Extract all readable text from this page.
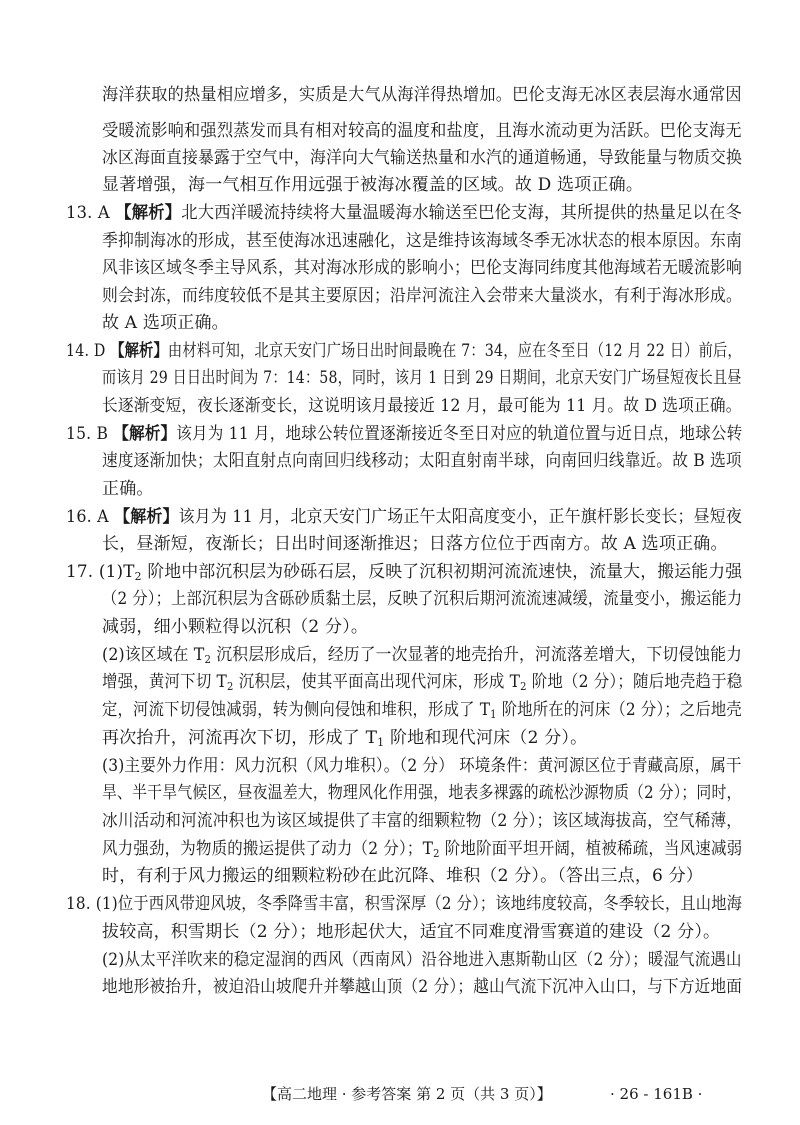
海洋获取的热量相应增多，实质是大气从海洋得热增加。巴伦支海无冰区表层海水通常因
受暖流影响和强烈蒸发而具有相对较高的温度和盐度，且海水流动更为活跃。巴伦支海无
冰区海面直接暴露于空气中，海洋向大气输送热量和水汽的通道畅通，导致能量与物质交换
显著增强，海一气相互作用远强于被海冰覆盖的区域。故 D 选项正确。
13. A 【解析】北大西洋暖流持续将大量温暖海水输送至巴伦支海，其所提供的热量足以在冬
季抑制海冰的形成，甚至使海冰迅速融化，这是维持该海域冬季无冰状态的根本原因。东南
风非该区域冬季主导风系，其对海冰形成的影响小；巴伦支海同纬度其他海域若无暖流影响
则会封冻，而纬度较低不是其主要原因；沿岸河流注入会带来大量淡水，有利于海冰形成。
故 A 选项正确。
14. D 【解析】由材料可知，北京天安门广场日出时间最晚在 7：34，应在冬至日（12 月 22 日）前后，
而该月 29 日日出时间为 7：14：58，同时，该月 1 日到 29 日期间，北京天安门广场昼短夜长且昼
长逐渐变短，夜长逐渐变长，这说明该月最接近 12 月，最可能为 11 月。故 D 选项正确。
15. B 【解析】该月为 11 月，地球公转位置逐渐接近冬至日对应的轨道位置与近日点，地球公转
速度逐渐加快；太阳直射点向南回归线移动；太阳直射南半球，向南回归线靠近。故 B 选项
正确。
16. A 【解析】该月为 11 月，北京天安门广场正午太阳高度变小，正午旗杆影长变长；昼短夜
长，昼渐短，夜渐长；日出时间逐渐推迟；日落方位位于西南方。故 A 选项正确。
17. $(1)T_2$ 阶地中部沉积层为砂砾石层，反映了沉积初期河流流速快，流量大，搬运能力强
（2 分）；上部沉积层为含砾砂质黏土层，反映了沉积后期河流流速减缓，流量变小，搬运能力
减弱，细小颗粒得以沉积（2 分）。
(2)该区域在 $T_2$ 沉积层形成后，经历了一次显著的地壳抬升，河流落差增大，下切侵蚀能力
增强，黄河下切 $T_2$ 沉积层，使其平面高出现代河床，形成 $T_2$ 阶地（2 分）；随后地壳趋于稳
定，河流下切侵蚀减弱，转为侧向侵蚀和堆积，形成了 $T_1$ 阶地所在的河床（2 分）；之后地壳
再次抬升，河流再次下切，形成了 $T_1$ 阶地和现代河床（2 分）。
(3)主要外力作用：风力沉积（风力堆积）。（2 分） 环境条件：黄河源区位于青藏高原，属干
旱、半干旱气候区，昼夜温差大，物理风化作用强，地表多裸露的疏松沙源物质（2 分）；同时，
冰川活动和河流冲积也为该区域提供了丰富的细颗粒物（2 分）；该区域海拔高，空气稀薄，
风力强劲，为物质的搬运提供了动力（2 分）；$T_2$ 阶地阶面平坦开阔，植被稀疏，当风速减弱
时，有利于风力搬运的细颗粒粉砂在此沉降、堆积（2 分）。（答出三点，6 分）
18. (1)位于西风带迎风坡，冬季降雪丰富，积雪深厚（2 分）；该地纬度较高，冬季较长，且山地海
拔较高，积雪期长（2 分）；地形起伏大，适宜不同难度滑雪赛道的建设（2 分）。
(2)从太平洋吹来的稳定湿润的西风（西南风）沿谷地进入惠斯勒山区（2 分）；暖湿气流遇山
地地形被抬升，被迫沿山坡爬升并攀越山顶（2 分）；越山气流下沉冲入山口，与下方近地面
【高二地理 · 参考答案 第 2 页（共 3 页）】	· 26 - 161B ·
